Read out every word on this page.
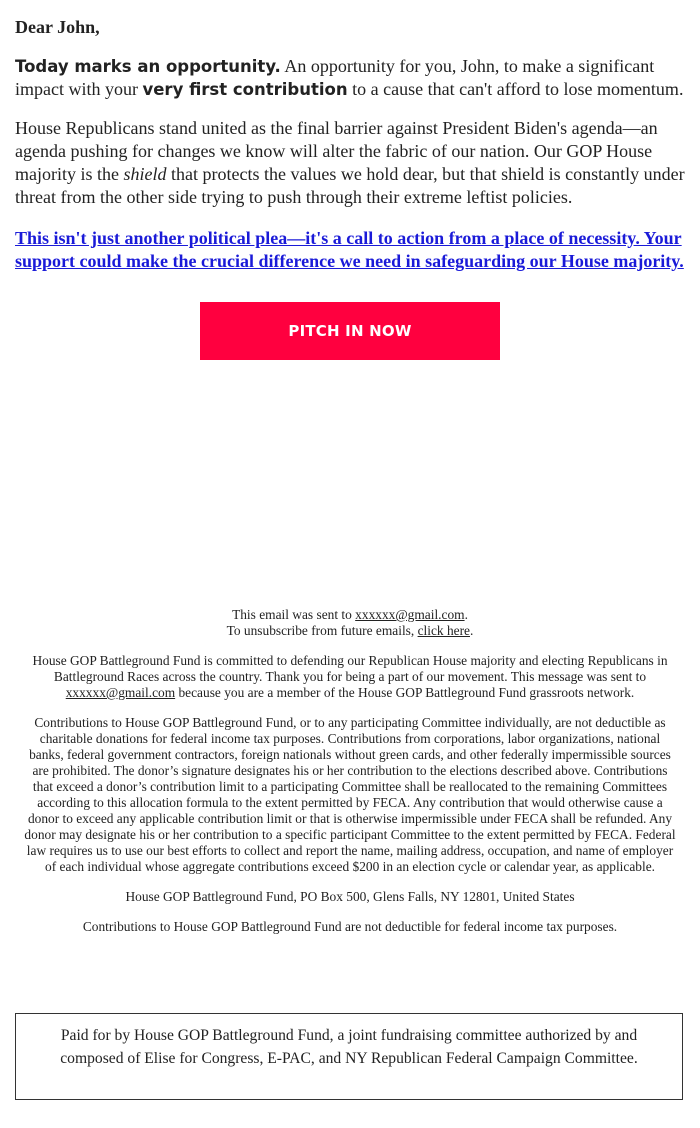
Dear John,

Today marks an opportunity. An opportunity for you, John, to make a significant impact with your very first contribution to a cause that can't afford to lose momentum.

House Republicans stand united as the final barrier against President Biden's agenda—an agenda pushing for changes we know will alter the fabric of our nation. Our GOP House majority is the shield that protects the values we hold dear, but that shield is constantly under threat from the other side trying to push through their extreme leftist policies.

This isn't just another political plea—it's a call to action from a place of necessity. Your support could make the crucial difference we need in safeguarding our House majority.
PITCH IN NOW

This email was sent to xxxxxx@gmail.com.

To unsubscribe from future emails, click here.

House GOP Battleground Fund is committed to defending our Republican House majority and electing Republicans in Battleground Races across the country. Thank you for being a part of our movement. This message was sent to xxxxxx@gmail.com because you are a member of the House GOP Battleground Fund grassroots network.

Contributions to House GOP Battleground Fund, or to any participating Committee individually, are not deductible as charitable donations for federal income tax purposes. Contributions from corporations, labor organizations, national banks, federal government contractors, foreign nationals without green cards, and other federally impermissible sources are prohibited. The donor’s signature designates his or her contribution to the elections described above. Contributions that exceed a donor’s contribution limit to a participating Committee shall be reallocated to the remaining Committees according to this allocation formula to the extent permitted by FECA. Any contribution that would otherwise cause a donor to exceed any applicable contribution limit or that is otherwise impermissible under FECA shall be refunded. Any donor may designate his or her contribution to a specific participant Committee to the extent permitted by FECA. Federal law requires us to use our best efforts to collect and report the name, mailing address, occupation, and name of employer of each individual whose aggregate contributions exceed $200 in an election cycle or calendar year, as applicable.

House GOP Battleground Fund, PO Box 500, Glens Falls, NY 12801, United States

Contributions to House GOP Battleground Fund are not deductible for federal income tax purposes.

Paid for by House GOP Battleground Fund, a joint fundraising committee authorized by and composed of Elise for Congress, E-PAC, and NY Republican Federal Campaign Committee.
